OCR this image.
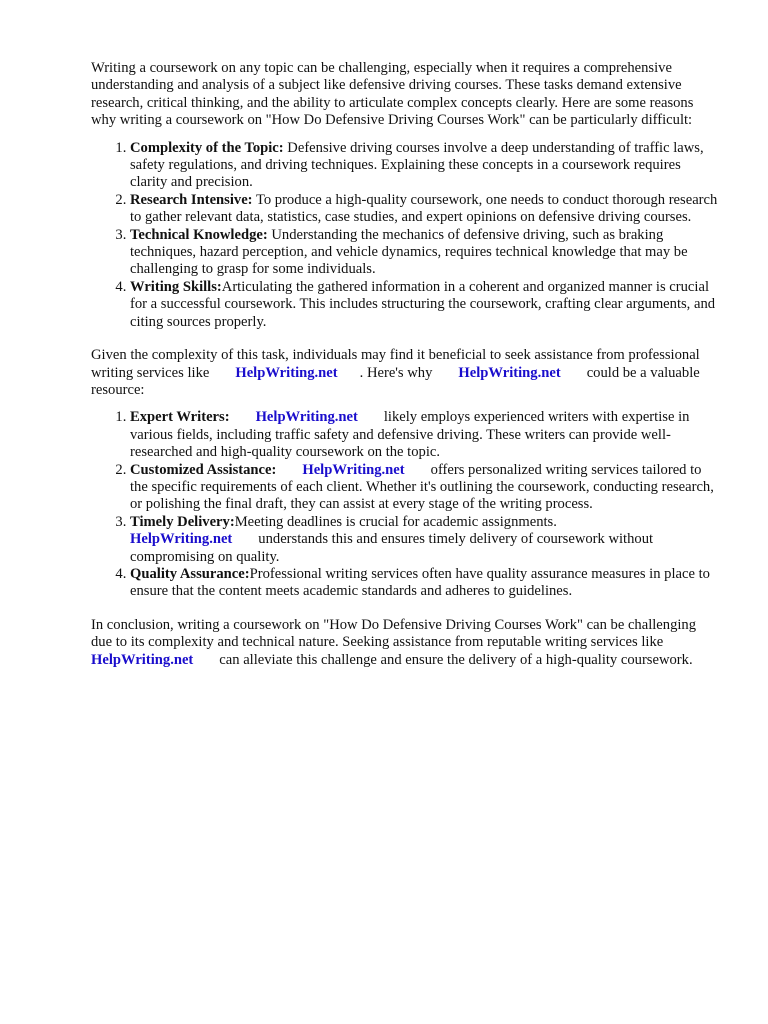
Writing a coursework on any topic can be challenging, especially when it requires a comprehensive understanding and analysis of a subject like defensive driving courses. These tasks demand extensive research, critical thinking, and the ability to articulate complex concepts clearly. Here are some reasons why writing a coursework on "How Do Defensive Driving Courses Work" can be particularly difficult:

1. Complexity of the Topic: Defensive driving courses involve a deep understanding of traffic laws, safety regulations, and driving techniques. Explaining these concepts in a coursework requires clarity and precision.
2. Research Intensive: To produce a high-quality coursework, one needs to conduct thorough research to gather relevant data, statistics, case studies, and expert opinions on defensive driving courses.
3. Technical Knowledge: Understanding the mechanics of defensive driving, such as braking techniques, hazard perception, and vehicle dynamics, requires technical knowledge that may be challenging to grasp for some individuals.
4. Writing Skills:Articulating the gathered information in a coherent and organized manner is crucial for a successful coursework. This includes structuring the coursework, crafting clear arguments, and citing sources properly.

Given the complexity of this task, individuals may find it beneficial to seek assistance from professional writing services like HelpWriting.net . Here's why HelpWriting.net could be a valuable resource:

1. Expert Writers: HelpWriting.net likely employs experienced writers with expertise in various fields, including traffic safety and defensive driving. These writers can provide well-researched and high-quality coursework on the topic.
2. Customized Assistance: HelpWriting.net offers personalized writing services tailored to the specific requirements of each client. Whether it's outlining the coursework, conducting research, or polishing the final draft, they can assist at every stage of the writing process.
3. Timely Delivery:Meeting deadlines is crucial for academic assignments.
HelpWriting.net understands this and ensures timely delivery of coursework without compromising on quality.
4. Quality Assurance:Professional writing services often have quality assurance measures in place to ensure that the content meets academic standards and adheres to guidelines.

In conclusion, writing a coursework on "How Do Defensive Driving Courses Work" can be challenging due to its complexity and technical nature. Seeking assistance from reputable writing services likeHelpWriting.net can alleviate this challenge and ensure the delivery of a high-quality coursework.
